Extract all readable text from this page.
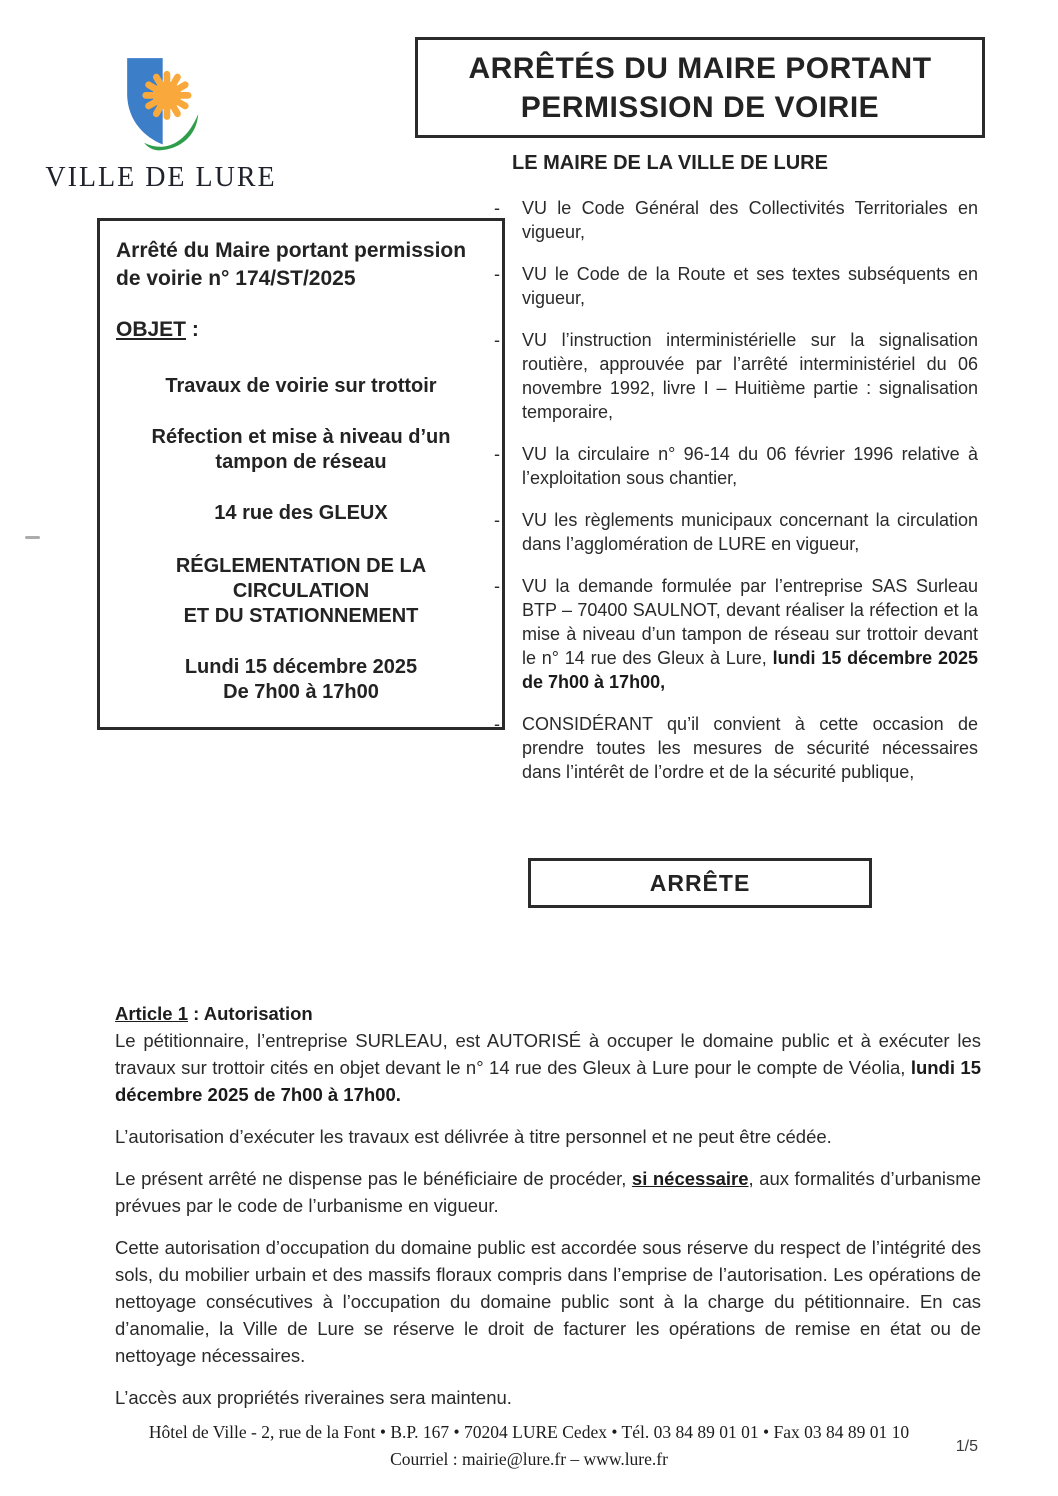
VILLE DE LURE
ARRÊTÉS DU MAIRE PORTANT
PERMISSION DE VOIRIE
LE MAIRE DE LA VILLE DE LURE
Arrêté du Maire portant permission de voirie n° 174/ST/2025
OBJET :
Travaux de voirie sur trottoir
Réfection et mise à niveau d’un tampon de réseau
14 rue des GLEUX
RÉGLEMENTATION DE LA CIRCULATION
ET DU STATIONNEMENT
Lundi 15 décembre 2025
De 7h00 à 17h00
-	VU le Code Général des Collectivités Territoriales en vigueur,
-	VU le Code de la Route et ses textes subséquents en vigueur,
-	VU l’instruction interministérielle sur la signalisation routière, approuvée par l’arrêté interministériel du 06 novembre 1992, livre I – Huitième partie : signalisation temporaire,
-	VU la circulaire n° 96-14 du 06 février 1996 relative à l’exploitation sous chantier,
-	VU les règlements municipaux concernant la circulation dans l’agglomération de LURE en vigueur,
-	VU la demande formulée par l’entreprise SAS Surleau BTP – 70400 SAULNOT, devant réaliser la réfection et la mise à niveau d’un tampon de réseau sur trottoir devant le n° 14 rue des Gleux à Lure, lundi 15 décembre 2025 de 7h00 à 17h00,
-	CONSIDÉRANT qu’il convient à cette occasion de prendre toutes les mesures de sécurité nécessaires dans l’intérêt de l’ordre et de la sécurité publique,
ARRÊTE
Article 1 : Autorisation

Le pétitionnaire, l’entreprise SURLEAU, est AUTORISÉ à occuper le domaine public et à exécuter les travaux sur trottoir cités en objet devant le n° 14 rue des Gleux à Lure pour le compte de Véolia, lundi 15 décembre 2025 de 7h00 à 17h00.

L’autorisation d’exécuter les travaux est délivrée à titre personnel et ne peut être cédée.

Le présent arrêté ne dispense pas le bénéficiaire de procéder, si nécessaire, aux formalités d’urbanisme prévues par le code de l’urbanisme en vigueur.

Cette autorisation d’occupation du domaine public est accordée sous réserve du respect de l’intégrité des sols, du mobilier urbain et des massifs floraux compris dans l’emprise de l’autorisation. Les opérations de nettoyage consécutives à l’occupation du domaine public sont à la charge du pétitionnaire. En cas d’anomalie, la Ville de Lure se réserve le droit de facturer les opérations de remise en état ou de nettoyage nécessaires.

L’accès aux propriétés riveraines sera maintenu.

Hôtel de Ville - 2, rue de la Font • B.P. 167 • 70204 LURE Cedex • Tél. 03 84 89 01 01 • Fax 03 84 89 01 10
Courriel : mairie@lure.fr – www.lure.fr
1/5
